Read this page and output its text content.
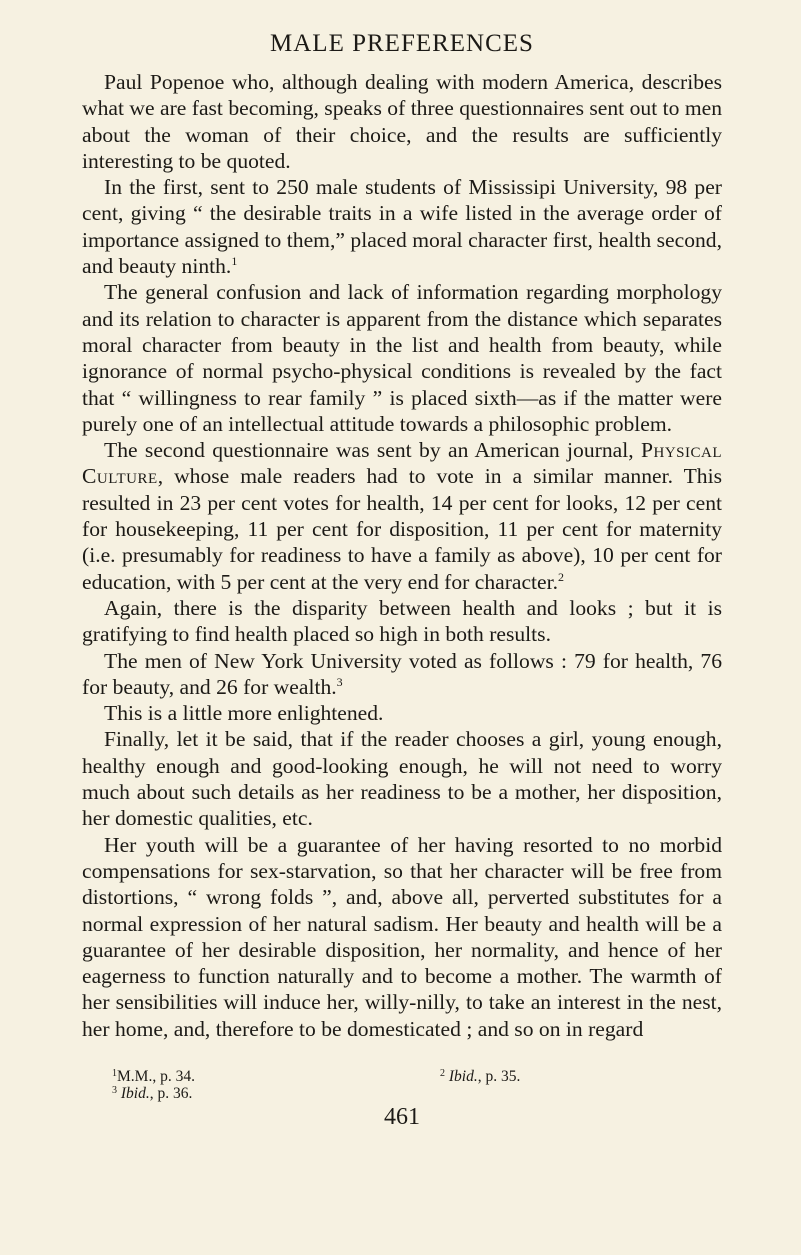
MALE PREFERENCES

Paul Popenoe who, although dealing with modern America, describes what we are fast becoming, speaks of three questionnaires sent out to men about the woman of their choice, and the results are sufficiently interesting to be quoted.

In the first, sent to 250 male students of Mississipi University, 98 per cent, giving “ the desirable traits in a wife listed in the average order of importance assigned to them,” placed moral character first, health second, and beauty ninth.$^1$

The general confusion and lack of information regarding morphology and its relation to character is apparent from the distance which separates moral character from beauty in the list and health from beauty, while ignorance of normal psycho-physical conditions is revealed by the fact that “ willingness to rear family ” is placed sixth—as if the matter were purely one of an intellectual attitude towards a philosophic problem.

The second questionnaire was sent by an American journal, Physical Culture, whose male readers had to vote in a similar manner. This resulted in 23 per cent votes for health, 14 per cent for looks, 12 per cent for housekeeping, 11 per cent for disposition, 11 per cent for maternity (i.e. presumably for readiness to have a family as above), 10 per cent for education, with 5 per cent at the very end for character.$^2$

Again, there is the disparity between health and looks ; but it is gratifying to find health placed so high in both results.

The men of New York University voted as follows : 79 for health, 76 for beauty, and 26 for wealth.$^3$

This is a little more enlightened.

Finally, let it be said, that if the reader chooses a girl, young enough, healthy enough and good-looking enough, he will not need to worry much about such details as her readiness to be a mother, her disposition, her domestic qualities, etc.

Her youth will be a guarantee of her having resorted to no morbid compensations for sex-starvation, so that her character will be free from distortions, “ wrong folds ”, and, above all, perverted substitutes for a normal expression of her natural sadism. Her beauty and health will be a guarantee of her desirable disposition, her normality, and hence of her eagerness to function naturally and to become a mother. The warmth of her sensibilities will induce her, willy-nilly, to take an interest in the nest, her home, and, therefore to be domesticated ; and so on in regard

$^1$M.M., p. 34.	$^2$ Ibid., p. 35.
$^3$ Ibid., p. 36.
461
